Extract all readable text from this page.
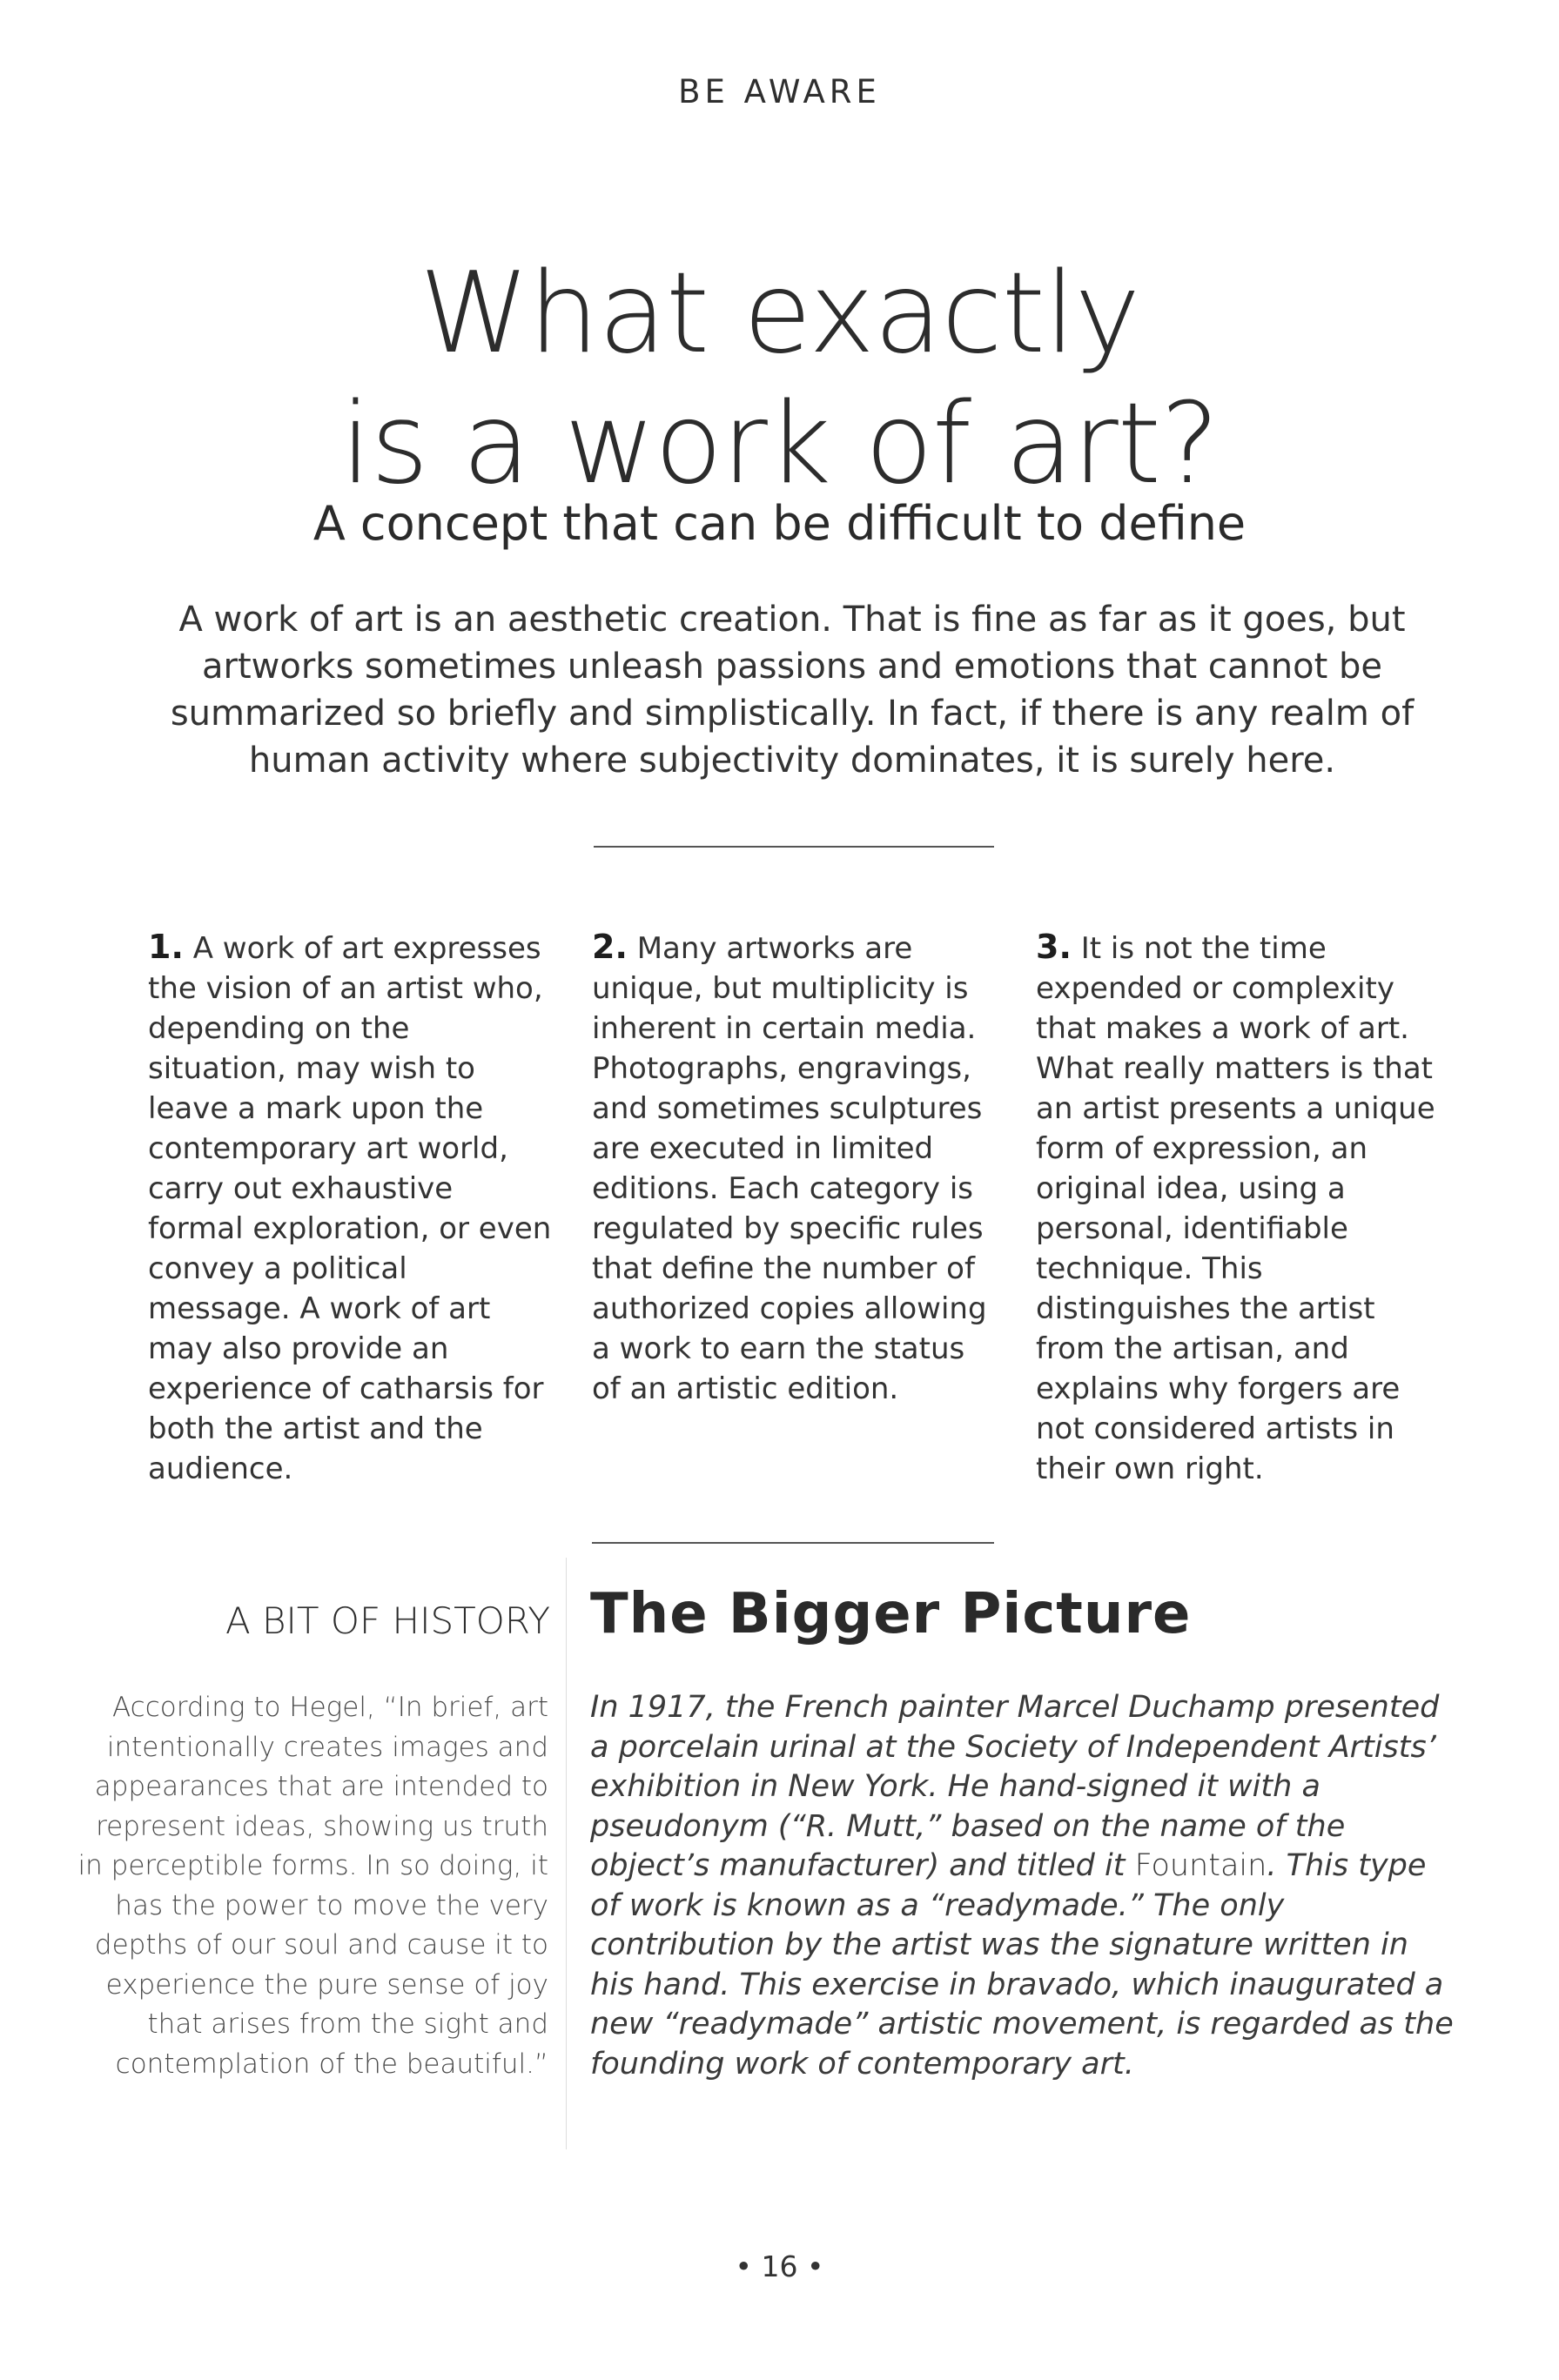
BE AWARE
What exactly
is a work of art?
A concept that can be difficult to define

A work of art is an aesthetic creation. That is fine as far as it goes, but artworks sometimes unleash passions and emotions that cannot be summarized so briefly and simplistically. In fact, if there is any realm of human activity where subjectivity dominates, it is surely here.

1. A work of art expresses the vision of an artist who, depending on the situation, may wish to leave a mark upon the contemporary art world, carry out exhaustive formal exploration, or even convey a political message. A work of art may also provide an experience of catharsis for both the artist and the audience.
2. Many artworks are unique, but multiplicity is inherent in certain media. Photographs, engravings, and sometimes sculptures are executed in limited editions. Each category is regulated by specific rules that define the number of authorized copies allowing a work to earn the status of an artistic edition.
3. It is not the time expended or complexity that makes a work of art. What really matters is that an artist presents a unique form of expression, an original idea, using a personal, identifiable technique. This distinguishes the artist from the artisan, and explains why forgers are not considered artists in their own right.
A BIT OF HISTORY

According to Hegel, “In brief, art intentionally creates images and appearances that are intended to represent ideas, showing us truth in perceptible forms. In so doing, it has the power to move the very depths of our soul and cause it to experience the pure sense of joy that arises from the sight and contemplation of the beautiful.”

The Bigger Picture

In 1917, the French painter Marcel Duchamp presented a porcelain urinal at the Society of Independent Artists’ exhibition in New York. He hand-signed it with a pseudonym (“R. Mutt,” based on the name of the object’s manufacturer) and titled it Fountain. This type of work is known as a “readymade.” The only contribution by the artist was the signature written in his hand. This exercise in bravado, which inaugurated a new “readymade” artistic movement, is regarded as the founding work of contemporary art.

• 16 •
